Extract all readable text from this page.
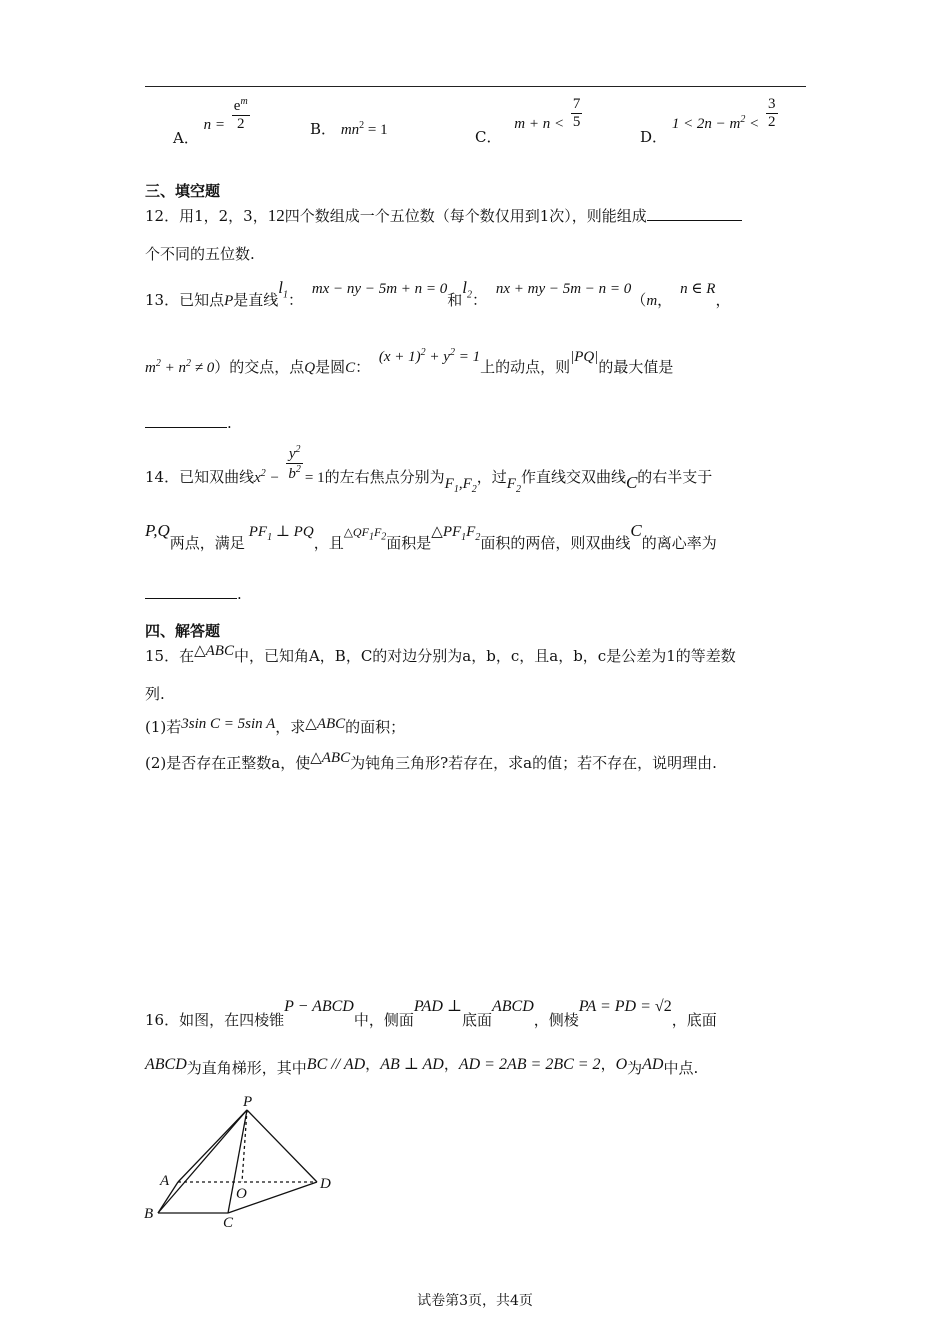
A． $n = \frac{e^m}{2}$	B． $mn^2 = 1$	C． $m + n < \frac{7}{5}$
D． $1 < 2n - m^2 < \frac{3}{2}$
三、填空题
12．用1，2，3，12四个数组成一个五位数（每个数仅用到1次），则能组成
个不同的五位数.
13．已知点P是直线$l_1$： mx − ny − 5m + n = 0和$l_2$： nx + my − 5m − n = 0（m，n ∈ R，
$m^2 + n^2 \ne 0$）的交点，点Q是圆C： $(x + 1)^2 + y^2 = 1$上的动点，则|PQ|的最大值是
.
14．已知双曲线$x^2 - \frac{y^2}{b^2} = 1$的左右焦点分别为$F_1,F_2$，过$F_2$作直线交双曲线C的右半支于
P,Q两点，满足$PF_1$ ⊥ PQ，且$\triangle QF_1F_2$面积是$\triangle PF_1F_2$面积的两倍，则双曲线C的离心率为
.
四、解答题
15．在△ABC中，已知角A，B，C的对边分别为a，b，c，且a，b，c是公差为1的等差数
列.
(1)若3sin C = 5sin A，求△ABC的面积；
(2)是否存在正整数a，使△ABC为钝角三角形?若存在，求a的值；若不存在，说明理由.
16．如图，在四棱锥P − ABCD中，侧面PAD ⊥底面ABCD，侧棱PA = PD = √2，底面
ABCD为直角梯形，其中BC // AD，AB ⊥ AD，AD = 2AB = 2BC = 2，O为AD中点.
P
A
B
C
D
O
试卷第3页，共4页
